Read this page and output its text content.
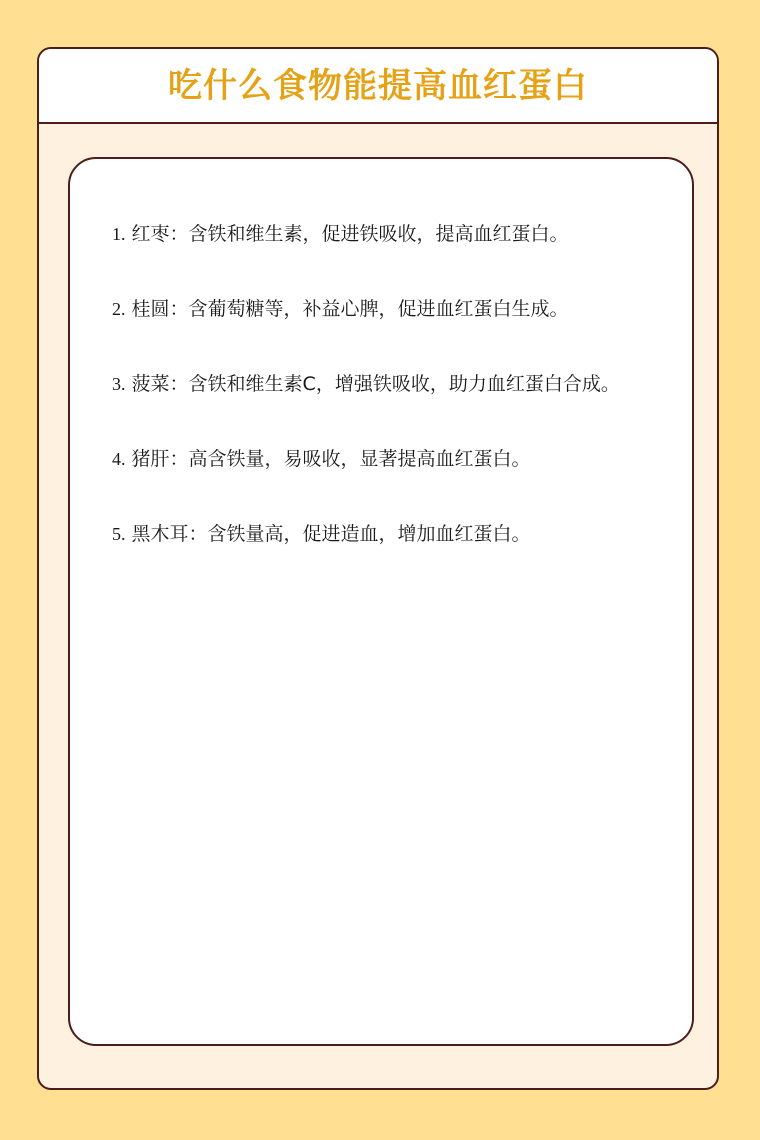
吃什么食物能提高血红蛋白

1. 红枣：含铁和维生素，促进铁吸收，提高血红蛋白。

2. 桂圆：含葡萄糖等，补益心脾，促进血红蛋白生成。

3. 菠菜：含铁和维生素C，增强铁吸收，助力血红蛋白合成。

4. 猪肝：高含铁量，易吸收，显著提高血红蛋白。

5. 黑木耳：含铁量高，促进造血，增加血红蛋白。
